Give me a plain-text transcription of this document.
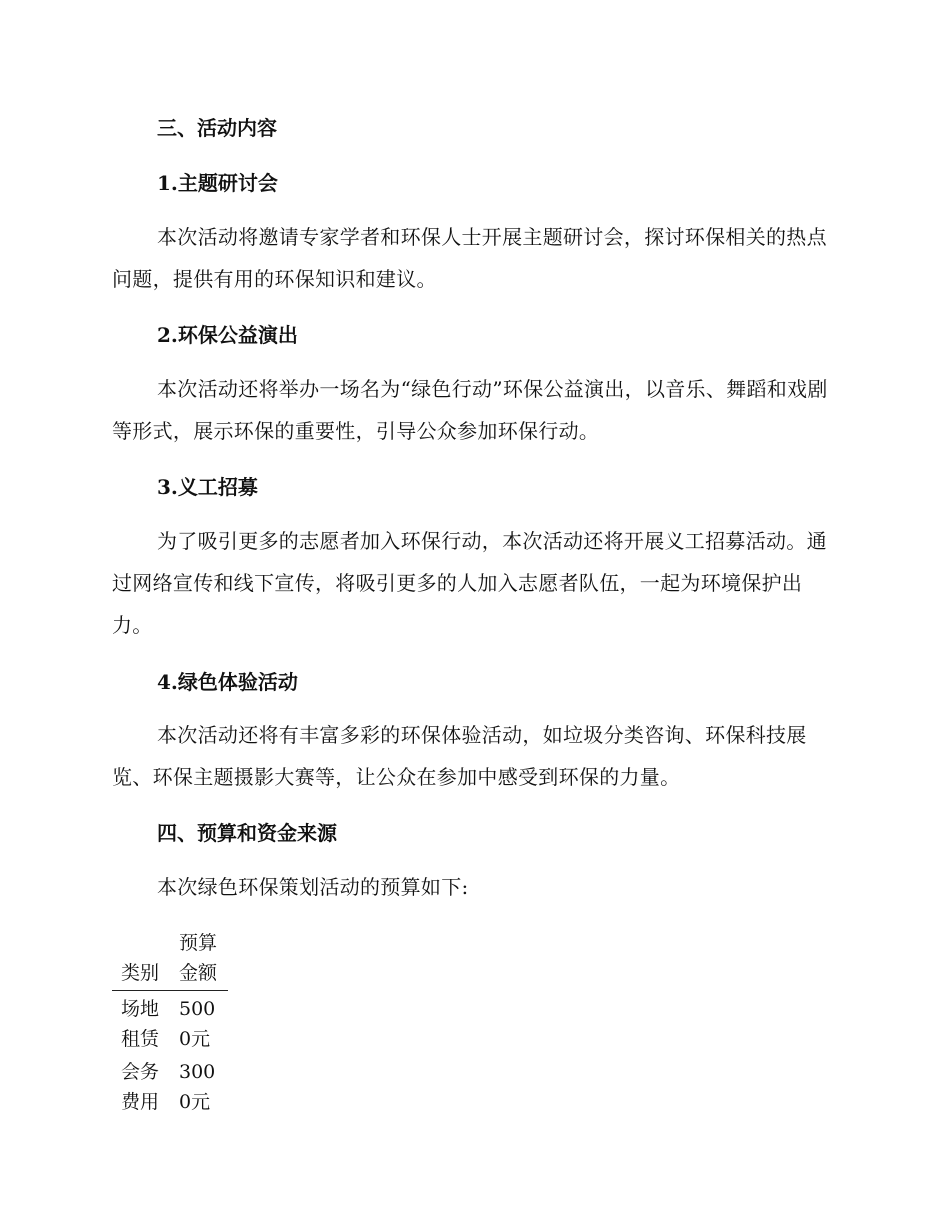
三、活动内容
1.主题研讨会

本次活动将邀请专家学者和环保人士开展主题研讨会，探讨环保相关的热点问题，提供有用的环保知识和建议。

2.环保公益演出

本次活动还将举办一场名为“绿色行动”环保公益演出，以音乐、舞蹈和戏剧等形式，展示环保的重要性，引导公众参加环保行动。

3.义工招募

为了吸引更多的志愿者加入环保行动，本次活动还将开展义工招募活动。通过网络宣传和线下宣传，将吸引更多的人加入志愿者队伍，一起为环境保护出力。

4.绿色体验活动

本次活动还将有丰富多彩的环保体验活动，如垃圾分类咨询、环保科技展览、环保主题摄影大赛等，让公众在参加中感受到环保的力量。

四、预算和资金来源

本次绿色环保策划活动的预算如下:

类别	预算金额

场地租赁	5000元

会务费用	3000元
